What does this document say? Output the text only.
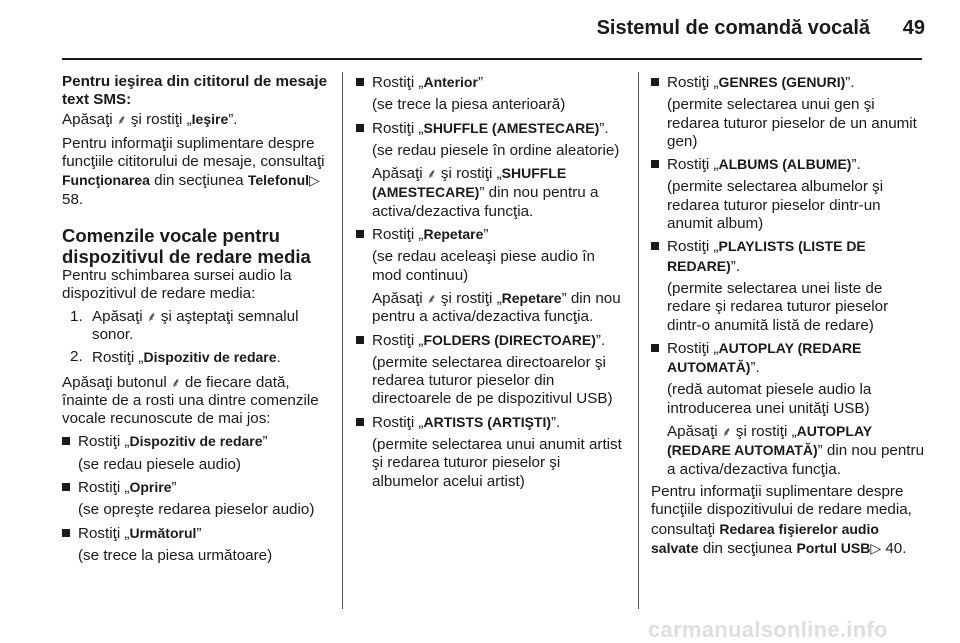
Sistemul de comandă vocală 49

Pentru ieşirea din cititorul de mesaje text SMS:

Apăsaţi ⸙ şi rostiţi „Ieşire”.

Pentru informaţii suplimentare despre funcţiile cititorului de mesaje, consultaţi Funcţionarea din secţiunea Telefonul▷ 58.

Comenzile vocale pentru dispozitivul de redare media

Pentru schimbarea sursei audio la dispozitivul de redare media:

1. Apăsaţi ⸙ şi aşteptaţi semnalul sonor.

2. Rostiţi „Dispozitiv de redare.

Apăsaţi butonul ⸙ de fiecare dată, înainte de a rosti una dintre comenzile vocale recunoscute de mai jos:

Rostiţi „Dispozitiv de redare”

(se redau piesele audio)

Rostiţi „Oprire”

(se opreşte redarea pieselor audio)

Rostiţi „Următorul”

(se trece la piesa următoare)

Rostiţi „Anterior”

(se trece la piesa anterioară)

Rostiţi „SHUFFLE (AMESTECARE)”.

(se redau piesele în ordine aleatorie)

Apăsaţi ⸙ şi rostiţi „SHUFFLE (AMESTECARE)” din nou pentru a activa/dezactiva funcţia.

Rostiţi „Repetare”

(se redau aceleaşi piese audio în mod continuu)

Apăsaţi ⸙ şi rostiţi „Repetare” din nou pentru a activa/dezactiva funcţia.

Rostiţi „FOLDERS (DIRECTOARE)”.

(permite selectarea directoarelor şi redarea tuturor pieselor din directoarele de pe dispozitivul USB)

Rostiţi „ARTISTS (ARTIŞTI)”.

(permite selectarea unui anumit artist şi redarea tuturor pieselor şi albumelor acelui artist)

Rostiţi „GENRES (GENURI)”.

(permite selectarea unui gen şi redarea tuturor pieselor de un anumit gen)

Rostiţi „ALBUMS (ALBUME)”.

(permite selectarea albumelor şi redarea tuturor pieselor dintr-un anumit album)

Rostiţi „PLAYLISTS (LISTE DE REDARE)”.

(permite selectarea unei liste de redare şi redarea tuturor pieselor dintr-o anumită listă de redare)

Rostiţi „AUTOPLAY (REDARE AUTOMATĂ)”.

(redă automat piesele audio la introducerea unei unităţi USB)

Apăsaţi ⸙ şi rostiţi „AUTOPLAY (REDARE AUTOMATĂ)” din nou pentru a activa/dezactiva funcţia.

Pentru informaţii suplimentare despre funcţiile dispozitivului de redare media, consultaţi Redarea fişierelor audio salvate din secţiunea Portul USB▷ 40.

carmanualsonline.info
